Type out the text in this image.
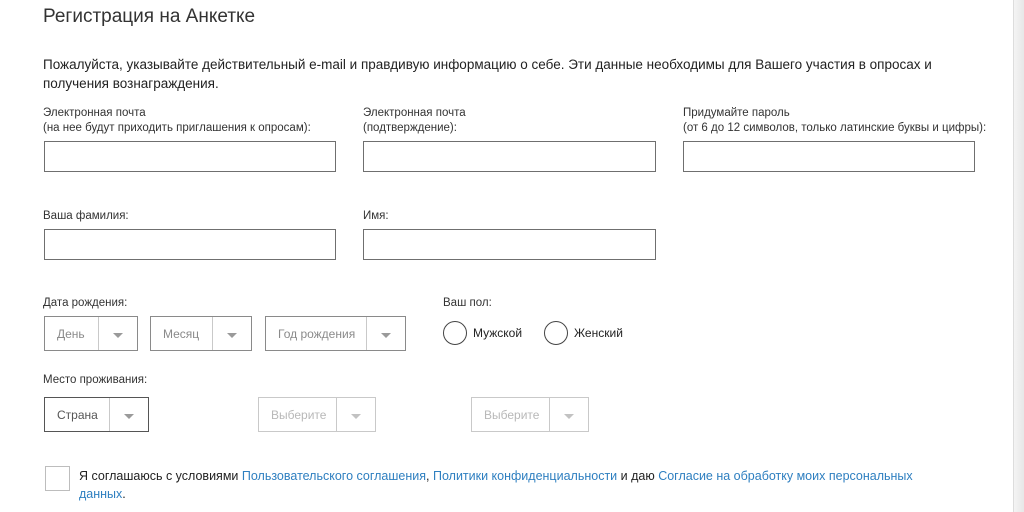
Регистрация на Анкетке
Пожалуйста, указывайте действительный e-mail и правдивую информацию о себе. Эти данные необходимы для Вашего участия в опросах и получения вознаграждения.
Электронная почта
(на нее будут приходить приглашения к опросам):
Электронная почта
(подтверждение):
Придумайте пароль
(от 6 до 12 символов, только латинские буквы и цифры):
Ваша фамилия:	Имя:
Дата рождения:
День	Месяц	Год рождения
Ваш пол:
Мужской	Женский
Место проживания:
Страна	Выберите	Выберите
Я соглашаюсь с условиями Пользовательского соглашения, Политики конфиденциальности и даю Согласие на обработку моих персональных данных.
